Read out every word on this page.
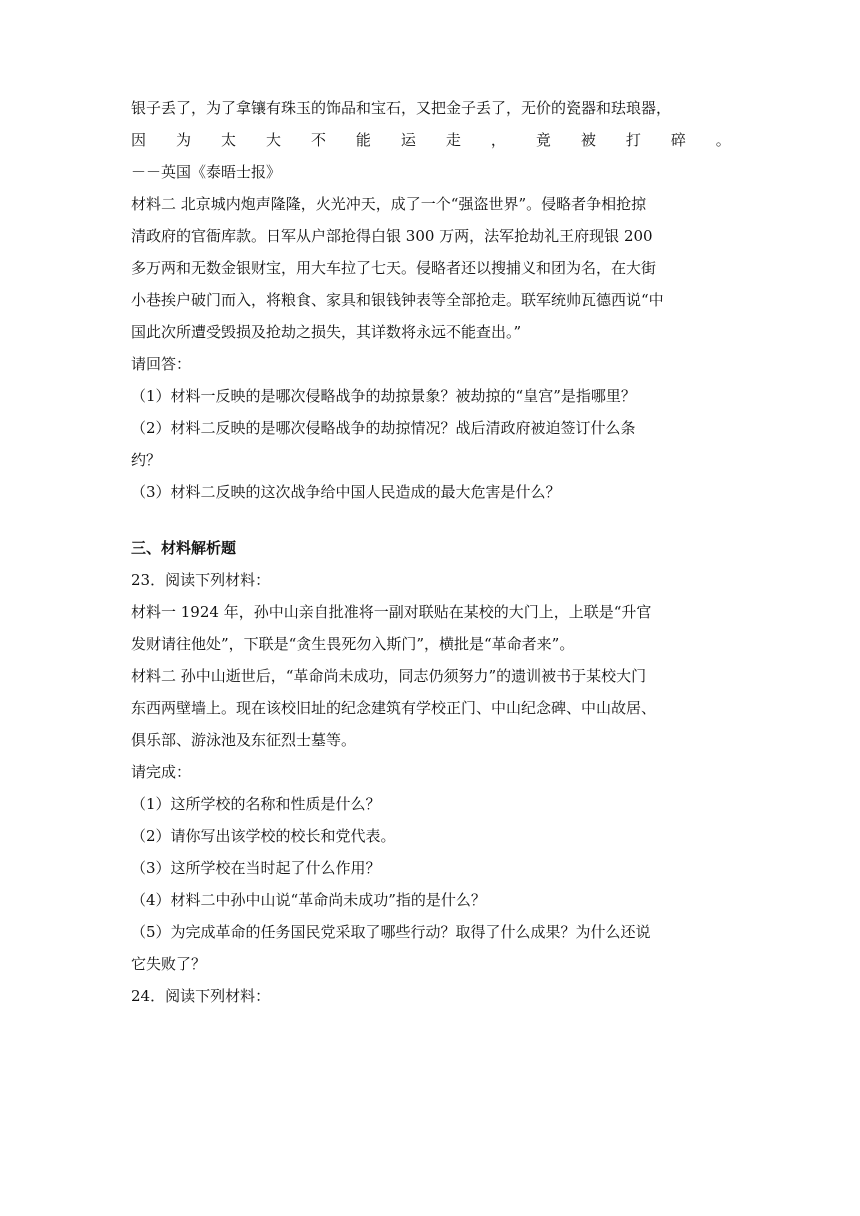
银子丢了，为了拿镶有珠玉的饰品和宝石，又把金子丢了，无价的瓷器和珐琅器，
因 为 太 大 不 能 运 走 ， 竟 被 打 碎 。
－－英国《泰晤士报》
材料二 北京城内炮声隆隆，火光冲天，成了一个“强盗世界”。侵略者争相抢掠
清政府的官衙库款。日军从户部抢得白银 300 万两，法军抢劫礼王府现银 200
多万两和无数金银财宝，用大车拉了七天。侵略者还以搜捕义和团为名，在大街
小巷挨户破门而入，将粮食、家具和银钱钟表等全部抢走。联军统帅瓦德西说“中
国此次所遭受毁损及抢劫之损失，其详数将永远不能查出。”
请回答：
（1）材料一反映的是哪次侵略战争的劫掠景象？被劫掠的“皇宫”是指哪里？
（2）材料二反映的是哪次侵略战争的劫掠情况？战后清政府被迫签订什么条
约？
（3）材料二反映的这次战争给中国人民造成的最大危害是什么？
三、材料解析题
23．阅读下列材料：
材料一 1924 年，孙中山亲自批准将一副对联贴在某校的大门上，上联是“升官
发财请往他处”，下联是“贪生畏死勿入斯门”，横批是“革命者来”。
材料二 孙中山逝世后，“革命尚未成功，同志仍须努力”的遗训被书于某校大门
东西两壁墙上。现在该校旧址的纪念建筑有学校正门、中山纪念碑、中山故居、
俱乐部、游泳池及东征烈士墓等。
请完成：
（1）这所学校的名称和性质是什么？
（2）请你写出该学校的校长和党代表。
（3）这所学校在当时起了什么作用？
（4）材料二中孙中山说“革命尚未成功”指的是什么？
（5）为完成革命的任务国民党采取了哪些行动？取得了什么成果？为什么还说
它失败了？
24．阅读下列材料：
